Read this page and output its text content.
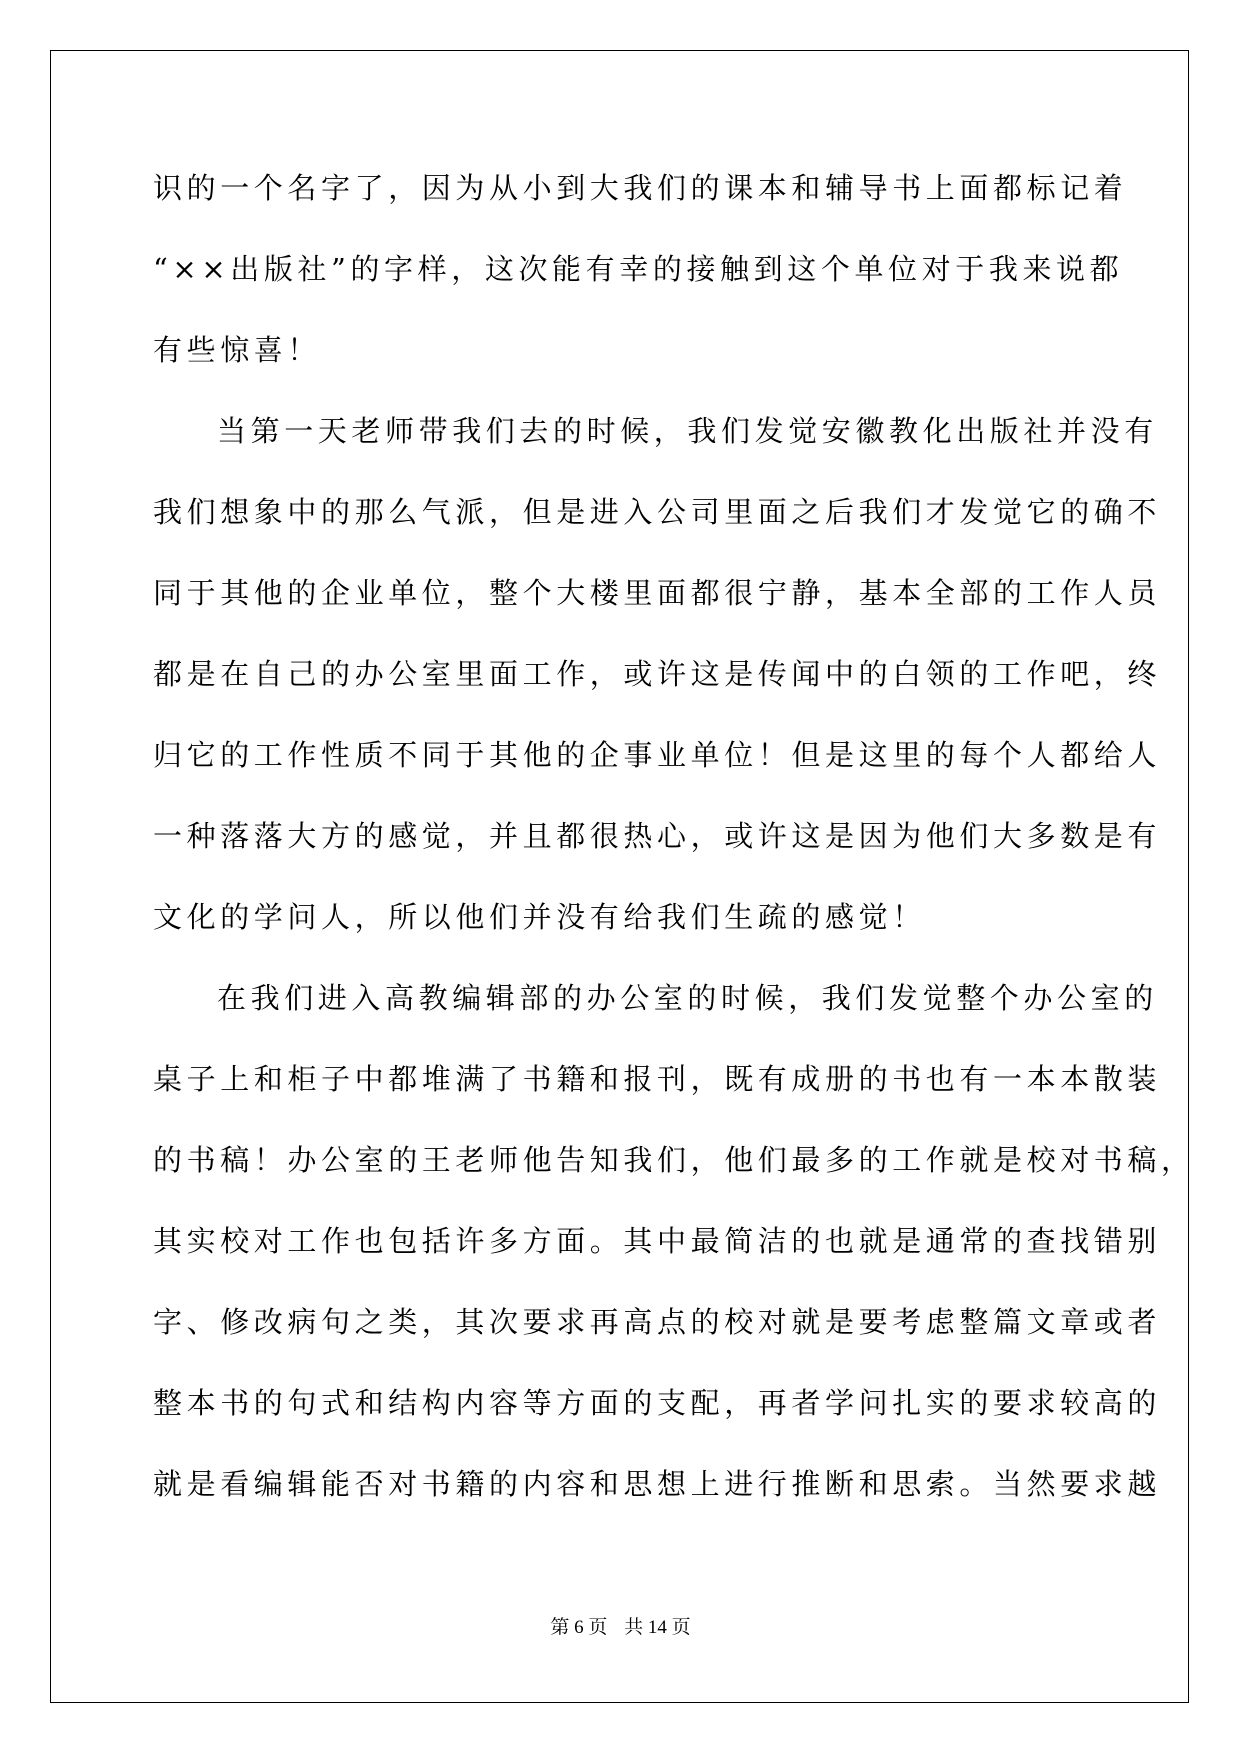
识的一个名字了，因为从小到大我们的课本和辅导书上面都标记着
“××出版社”的字样，这次能有幸的接触到这个单位对于我来说都
有些惊喜！
当第一天老师带我们去的时候，我们发觉安徽教化出版社并没有
我们想象中的那么气派，但是进入公司里面之后我们才发觉它的确不
同于其他的企业单位，整个大楼里面都很宁静，基本全部的工作人员
都是在自己的办公室里面工作，或许这是传闻中的白领的工作吧，终
归它的工作性质不同于其他的企事业单位！但是这里的每个人都给人
一种落落大方的感觉，并且都很热心，或许这是因为他们大多数是有
文化的学问人，所以他们并没有给我们生疏的感觉！
在我们进入高教编辑部的办公室的时候，我们发觉整个办公室的
桌子上和柜子中都堆满了书籍和报刊，既有成册的书也有一本本散装
的书稿！办公室的王老师他告知我们，他们最多的工作就是校对书稿，
其实校对工作也包括许多方面。其中最简洁的也就是通常的查找错别
字、修改病句之类，其次要求再高点的校对就是要考虑整篇文章或者
整本书的句式和结构内容等方面的支配，再者学问扎实的要求较高的
就是看编辑能否对书籍的内容和思想上进行推断和思索。当然要求越
第 6 页 共 14 页
